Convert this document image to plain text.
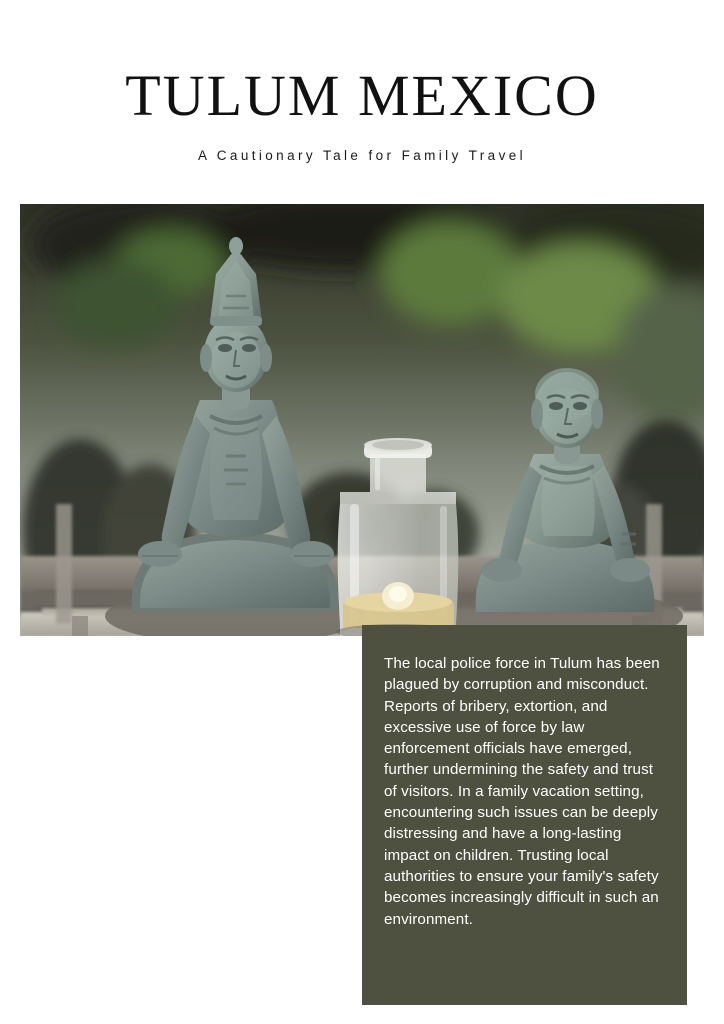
TULUM MEXICO
A Cautionary Tale for Family Travel

The local police force in Tulum has been plagued by corruption and misconduct. Reports of bribery, extortion, and excessive use of force by law enforcement officials have emerged, further undermining the safety and trust of visitors. In a family vacation setting, encountering such issues can be deeply distressing and have a long-lasting impact on children. Trusting local authorities to ensure your family's safety becomes increasingly difficult in such an environment.
